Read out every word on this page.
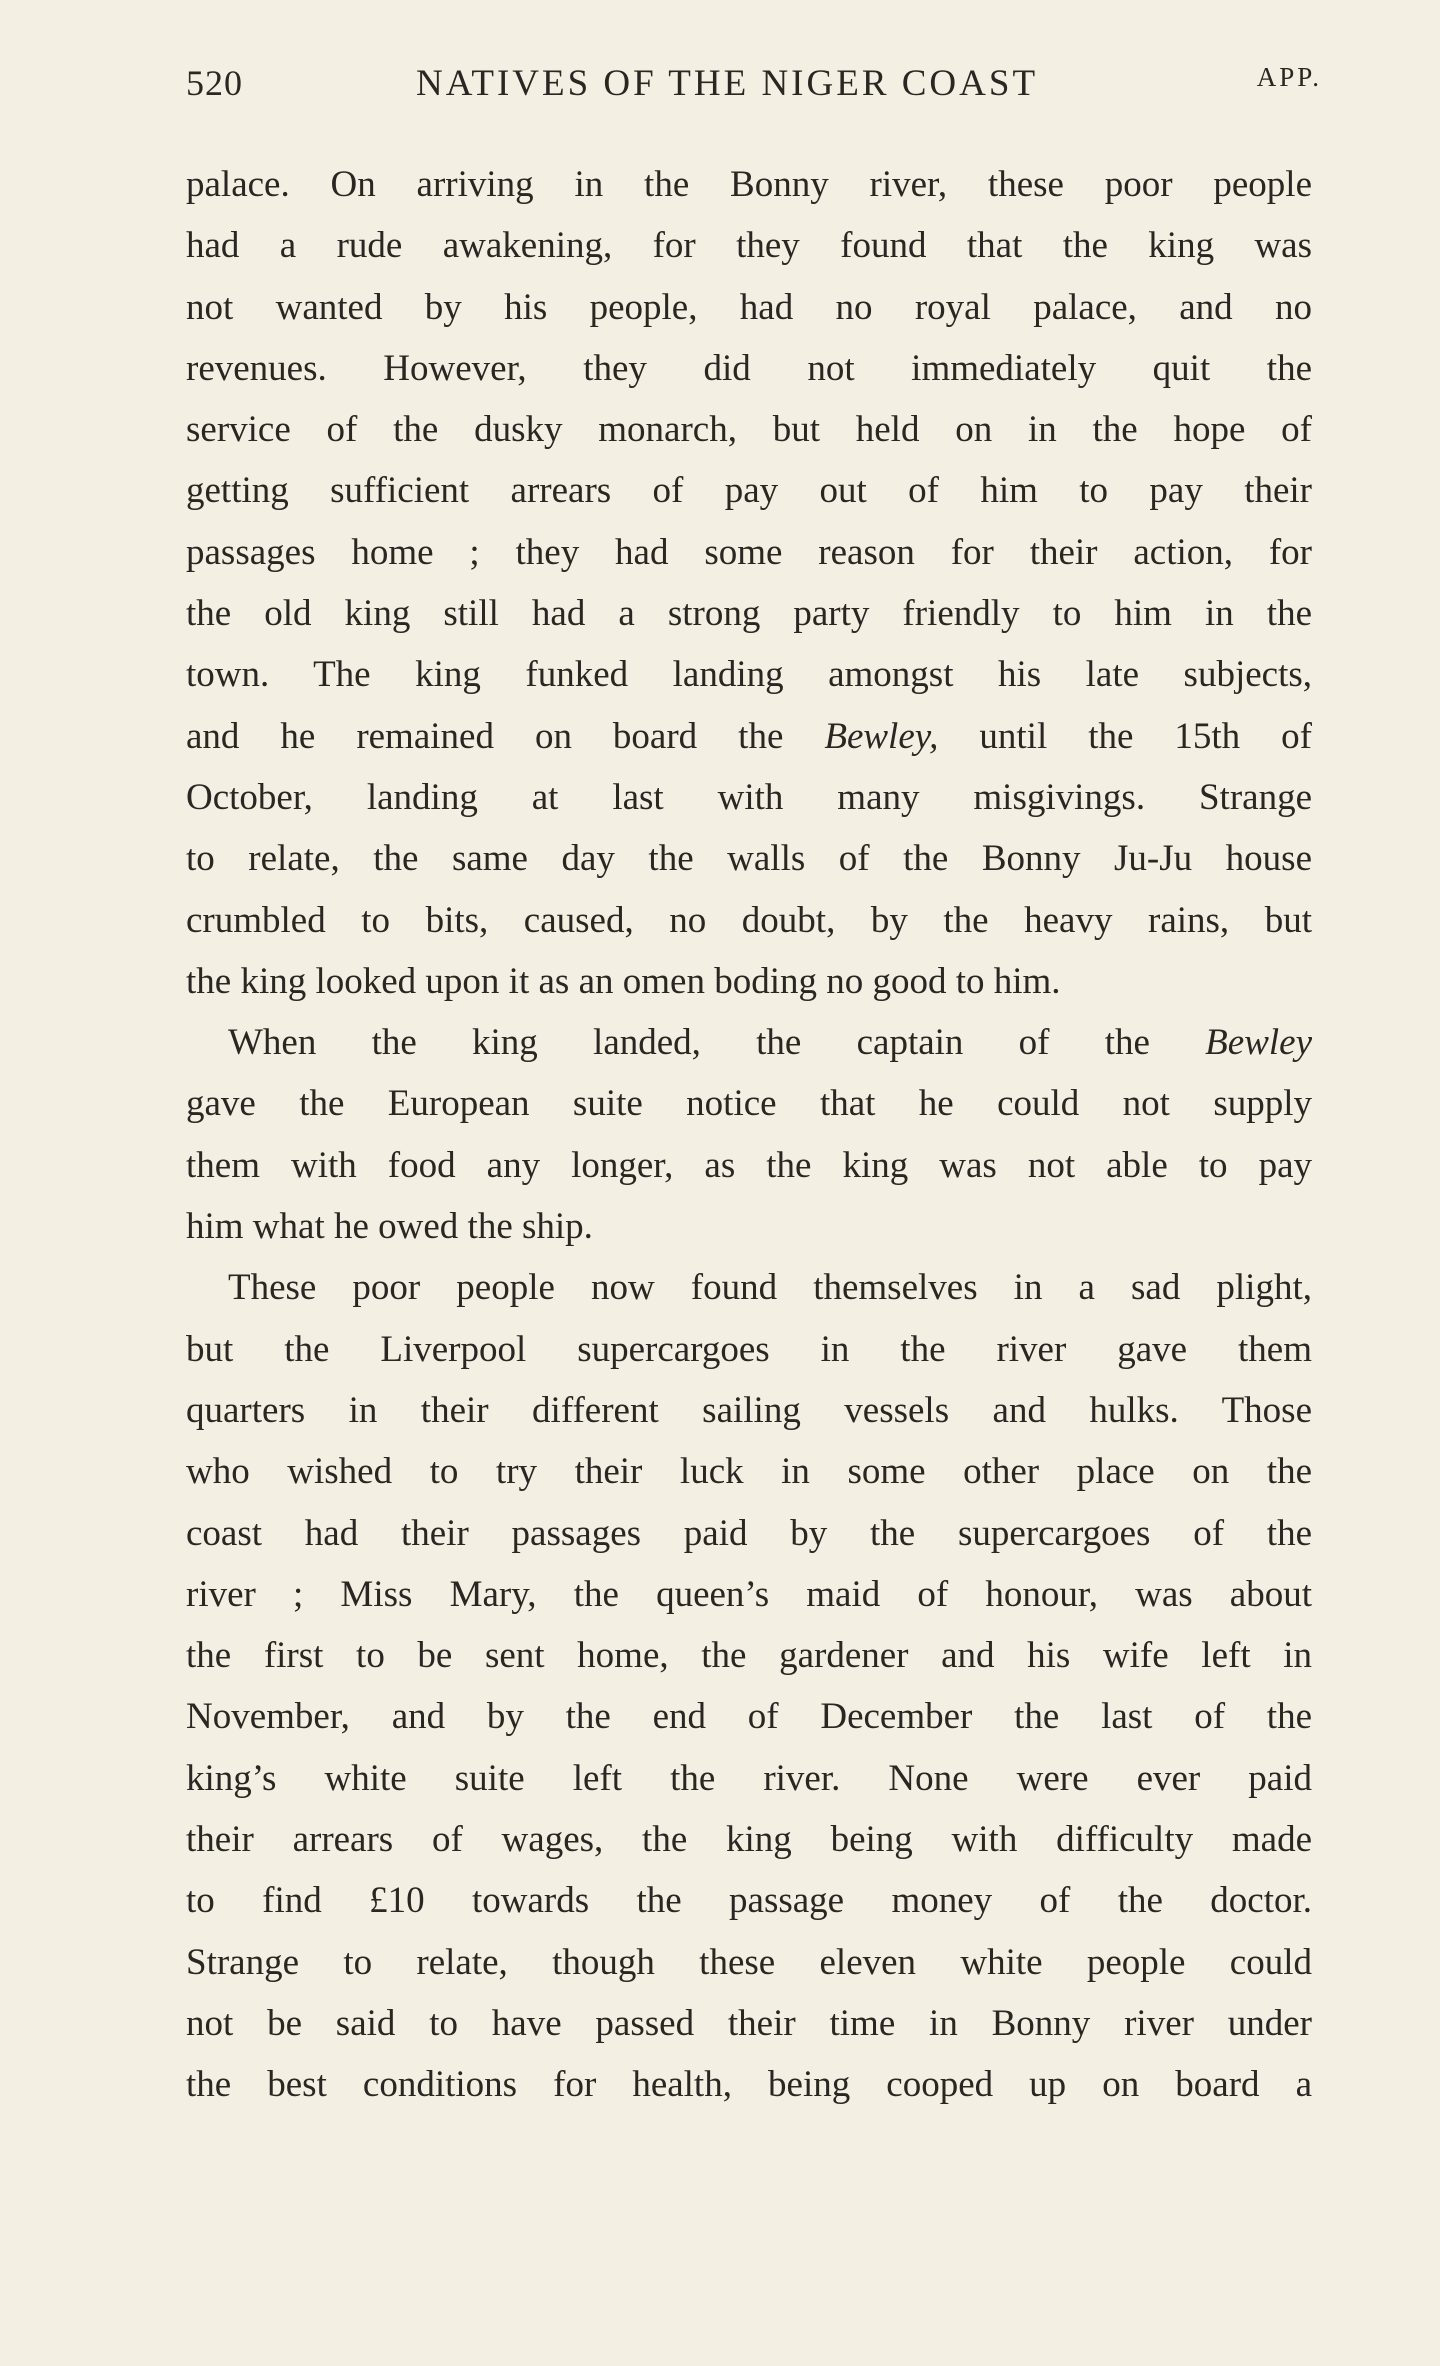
520	NATIVES OF THE NIGER COAST	APP.
palace. On arriving in the Bonny river, these poor people
had a rude awakening, for they found that the king was
not wanted by his people, had no royal palace, and no
revenues. However, they did not immediately quit the
service of the dusky monarch, but held on in the hope of
getting sufficient arrears of pay out of him to pay their
passages home ; they had some reason for their action, for
the old king still had a strong party friendly to him in the
town. The king funked landing amongst his late subjects,
and he remained on board the Bewley, until the 15th of
October, landing at last with many misgivings. Strange
to relate, the same day the walls of the Bonny Ju-Ju house
crumbled to bits, caused, no doubt, by the heavy rains, but
the king looked upon it as an omen boding no good to him.
When the king landed, the captain of the Bewley
gave the European suite notice that he could not supply
them with food any longer, as the king was not able to pay
him what he owed the ship.
These poor people now found themselves in a sad plight,
but the Liverpool supercargoes in the river gave them
quarters in their different sailing vessels and hulks. Those
who wished to try their luck in some other place on the
coast had their passages paid by the supercargoes of the
river ; Miss Mary, the queen’s maid of honour, was about
the first to be sent home, the gardener and his wife left in
November, and by the end of December the last of the
king’s white suite left the river. None were ever paid
their arrears of wages, the king being with difficulty made
to find £10 towards the passage money of the doctor.
Strange to relate, though these eleven white people could
not be said to have passed their time in Bonny river under
the best conditions for health, being cooped up on board a
